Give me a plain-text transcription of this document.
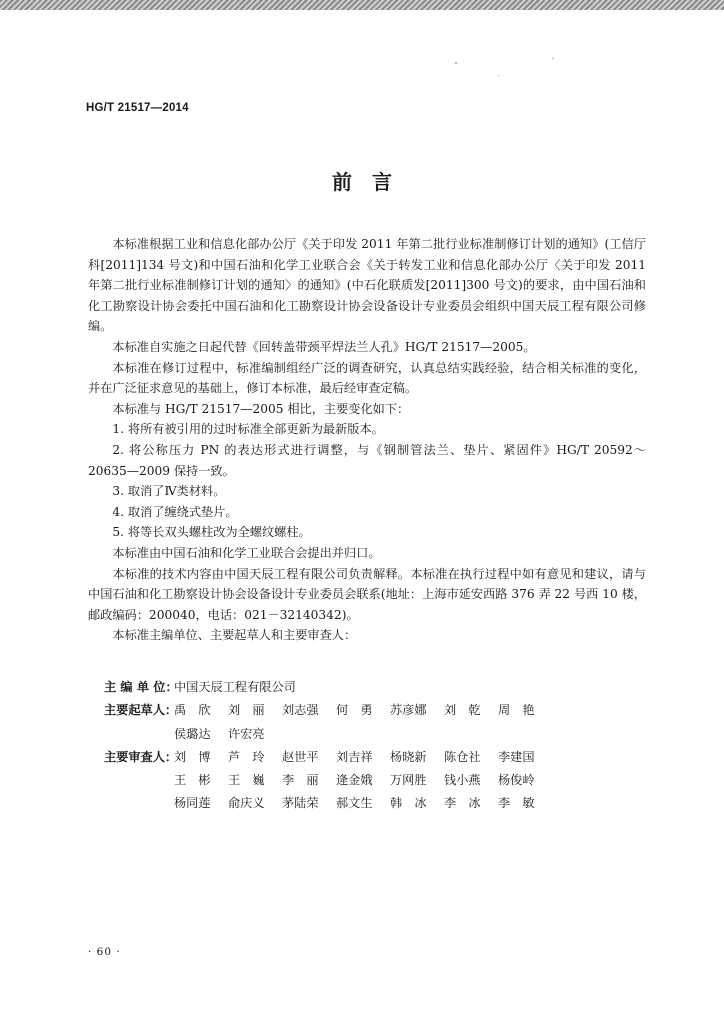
HG/T 21517—2014
前　言

本标准根据工业和信息化部办公厅《关于印发 2011 年第二批行业标准制修订计划的通知》(工信厅科[2011]134 号文)和中国石油和化学工业联合会《关于转发工业和信息化部办公厅〈关于印发 2011 年第二批行业标准制修订计划的通知〉的通知》(中石化联质发[2011]300 号文)的要求，由中国石油和化工勘察设计协会委托中国石油和化工勘察设计协会设备设计专业委员会组织中国天辰工程有限公司修编。

本标准自实施之日起代替《回转盖带颈平焊法兰人孔》HG/T 21517—2005。

本标准在修订过程中，标准编制组经广泛的调查研究，认真总结实践经验，结合相关标准的变化，并在广泛征求意见的基础上，修订本标准，最后经审查定稿。

本标准与 HG/T 21517—2005 相比，主要变化如下：

1. 将所有被引用的过时标准全部更新为最新版本。

2. 将公称压力 PN 的表达形式进行调整，与《钢制管法兰、垫片、紧固件》HG/T 20592～20635—2009 保持一致。

3. 取消了Ⅳ类材料。

4. 取消了缠绕式垫片。

5. 将等长双头螺柱改为全螺纹螺柱。

本标准由中国石油和化学工业联合会提出并归口。

本标准的技术内容由中国天辰工程有限公司负责解释。本标准在执行过程中如有意见和建议，请与中国石油和化工勘察设计协会设备设计专业委员会联系(地址：上海市延安西路 376 弄 22 号西 10 楼，邮政编码：200040，电话：021－32140342)。

本标准主编单位、主要起草人和主要审查人：

主 编 单 位：
中国天辰工程有限公司
主要起草人：
禹　欣	刘　丽	刘志强	何　勇	苏彦娜	刘　乾	周　艳
侯璐达	许宏亮
主要审查人：
刘　博	芦　玲	赵世平	刘吉祥	杨晓新	陈仓社	李建国
王　彬	王　巍	李　丽	逄金娥	万网胜	钱小燕	杨俊岭
杨同莲	俞庆义	茅陆荣	郝文生	韩　冰	李　冰	李　敏
· 60 ·
